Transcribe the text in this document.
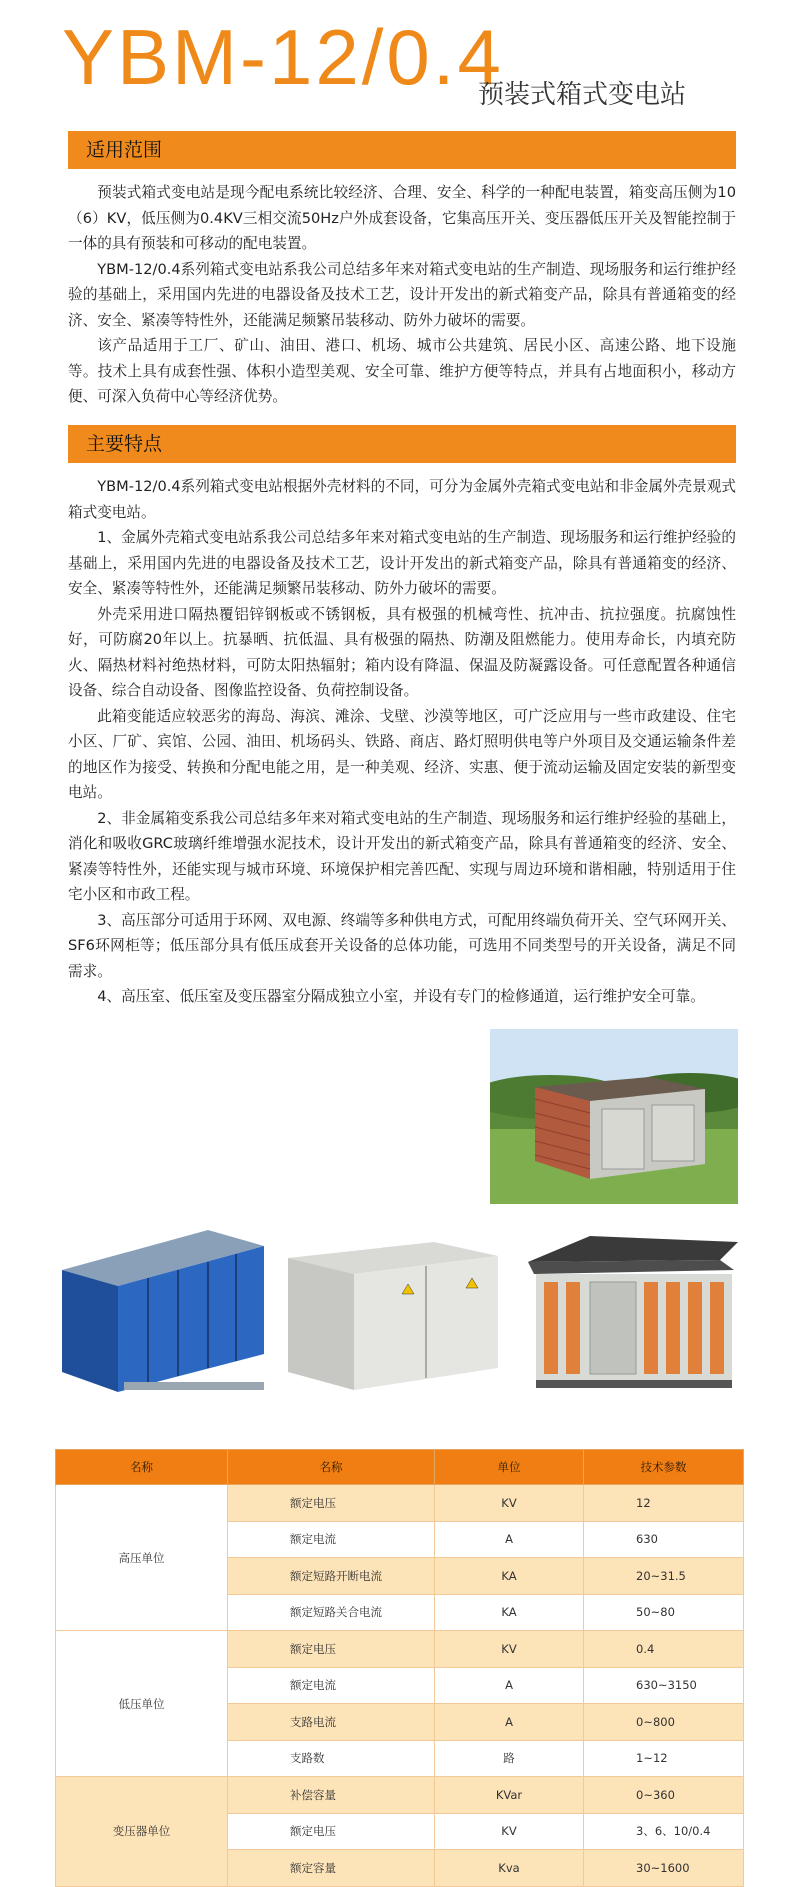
YBM-12/0.4
预装式箱式变电站
适用范围

预装式箱式变电站是现今配电系统比较经济、合理、安全、科学的一种配电装置，箱变高压侧为10（6）KV，低压侧为0.4KV三相交流50Hz户外成套设备，它集高压开关、变压器低压开关及智能控制于一体的具有预装和可移动的配电装置。

YBM-12/0.4系列箱式变电站系我公司总结多年来对箱式变电站的生产制造、现场服务和运行维护经验的基础上，采用国内先进的电器设备及技术工艺，设计开发出的新式箱变产品，除具有普通箱变的经济、安全、紧凑等特性外，还能满足频繁吊装移动、防外力破坏的需要。

该产品适用于工厂、矿山、油田、港口、机场、城市公共建筑、居民小区、高速公路、地下设施等。技术上具有成套性强、体积小造型美观、安全可靠、维护方便等特点，并具有占地面积小，移动方便、可深入负荷中心等经济优势。

主要特点

YBM-12/0.4系列箱式变电站根据外壳材料的不同，可分为金属外壳箱式变电站和非金属外壳景观式箱式变电站。

1、金属外壳箱式变电站系我公司总结多年来对箱式变电站的生产制造、现场服务和运行维护经验的基础上，采用国内先进的电器设备及技术工艺，设计开发出的新式箱变产品，除具有普通箱变的经济、安全、紧凑等特性外，还能满足频繁吊装移动、防外力破坏的需要。

外壳采用进口隔热覆铝锌钢板或不锈钢板，具有极强的机械弯性、抗冲击、抗拉强度。抗腐蚀性好，可防腐20年以上。抗暴晒、抗低温、具有极强的隔热、防潮及阻燃能力。使用寿命长，内填充防火、隔热材料衬绝热材料，可防太阳热辐射；箱内设有降温、保温及防凝露设备。可任意配置各种通信设备、综合自动设备、图像监控设备、负荷控制设备。

此箱变能适应较恶劣的海岛、海滨、滩涂、戈壁、沙漠等地区，可广泛应用与一些市政建设、住宅小区、厂矿、宾馆、公园、油田、机场码头、铁路、商店、路灯照明供电等户外项目及交通运输条件差的地区作为接受、转换和分配电能之用，是一种美观、经济、实惠、便于流动运输及固定安装的新型变电站。

2、非金属箱变系我公司总结多年来对箱式变电站的生产制造、现场服务和运行维护经验的基础上，消化和吸收GRC玻璃纤维增强水泥技术，设计开发出的新式箱变产品，除具有普通箱变的经济、安全、紧凑等特性外，还能实现与城市环境、环境保护相完善匹配、实现与周边环境和谐相融，特别适用于住宅小区和市政工程。

3、高压部分可适用于环网、双电源、终端等多种供电方式，可配用终端负荷开关、空气环网开关、SF6环网柜等；低压部分具有低压成套开关设备的总体功能，可选用不同类型号的开关设备，满足不同需求。

4、高压室、低压室及变压器室分隔成独立小室，并设有专门的检修通道，运行维护安全可靠。

名称	名称	单位	技术参数
高压单位	额定电压	KV	12
	额定电流	A	630
	额定短路开断电流	KA	20~31.5
	额定短路关合电流	KA	50~80
低压单位	额定电压	KV	0.4
	额定电流	A	630~3150
	支路电流	A	0~800
	支路数	路	1~12
变压器单位	补偿容量	KVar	0~360
	额定电压	KV	3、6、10/0.4
	额定容量	Kva	30~1600
